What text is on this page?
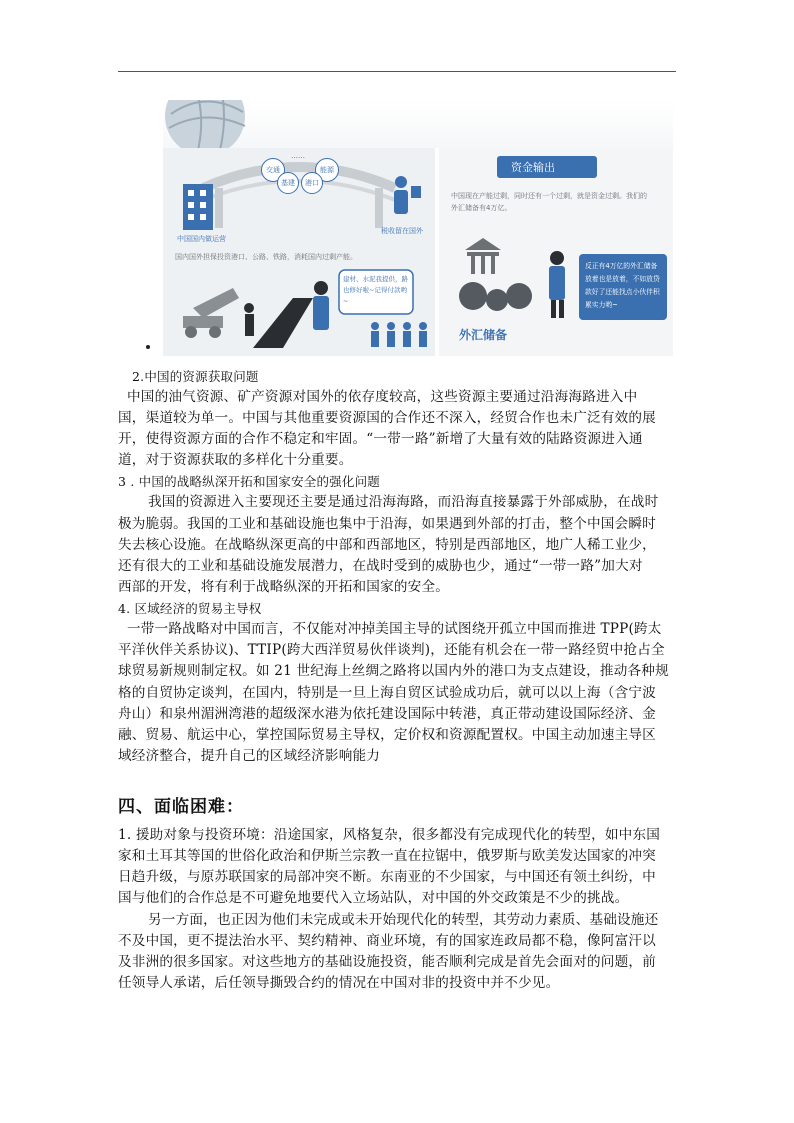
交通
……
能源
基建	港口
中国国内做运营
税收留在国外
国内国外担保投资港口、公路、铁路，消耗国内过剩产能。
建材、水泥我提供，路也修好啦~记得付款哟~
资金输出
中国现在产能过剩，同时还有一个过剩，就是资金过剩。我们的外汇储备有4万亿。
反正有4万亿的外汇储备放着也是放着，不如放贷款好了还能找点小伙伴积累实力哟~
外汇储备
2.中国的资源获取问题
中国的油气资源、矿产资源对国外的依存度较高，这些资源主要通过沿海海路进入中
国，渠道较为单一。中国与其他重要资源国的合作还不深入，经贸合作也未广泛有效的展
开，使得资源方面的合作不稳定和牢固。“一带一路”新增了大量有效的陆路资源进入通
道，对于资源获取的多样化十分重要。
3 . 中国的战略纵深开拓和国家安全的强化问题
我国的资源进入主要现还主要是通过沿海海路，而沿海直接暴露于外部威胁，在战时
极为脆弱。我国的工业和基础设施也集中于沿海，如果遇到外部的打击，整个中国会瞬时
失去核心设施。在战略纵深更高的中部和西部地区，特别是西部地区，地广人稀工业少，
还有很大的工业和基础设施发展潜力，在战时受到的威胁也少，通过“一带一路”加大对
西部的开发，将有利于战略纵深的开拓和国家的安全。
4. 区域经济的贸易主导权
一带一路战略对中国而言，不仅能对冲掉美国主导的试图绕开孤立中国而推进 TPP(跨太
平洋伙伴关系协议)、TTIP(跨大西洋贸易伙伴谈判)，还能有机会在一带一路经贸中抢占全
球贸易新规则制定权。如 21 世纪海上丝绸之路将以国内外的港口为支点建设，推动各种规
格的自贸协定谈判，在国内，特别是一旦上海自贸区试验成功后，就可以以上海（含宁波
舟山）和泉州湄洲湾港的超级深水港为依托建设国际中转港，真正带动建设国际经济、金
融、贸易、航运中心，掌控国际贸易主导权，定价权和资源配置权。中国主动加速主导区
域经济整合，提升自己的区域经济影响能力
四、面临困难：
1. 援助对象与投资环境：沿途国家，风格复杂，很多都没有完成现代化的转型，如中东国
家和土耳其等国的世俗化政治和伊斯兰宗教一直在拉锯中，俄罗斯与欧美发达国家的冲突
日趋升级，与原苏联国家的局部冲突不断。东南亚的不少国家，与中国还有领土纠纷，中
国与他们的合作总是不可避免地要代入立场站队，对中国的外交政策是不少的挑战。
另一方面，也正因为他们未完成或未开始现代化的转型，其劳动力素质、基础设施还
不及中国，更不提法治水平、契约精神、商业环境，有的国家连政局都不稳，像阿富汗以
及非洲的很多国家。对这些地方的基础设施投资，能否顺利完成是首先会面对的问题，前
任领导人承诺，后任领导撕毁合约的情况在中国对非的投资中并不少见。
